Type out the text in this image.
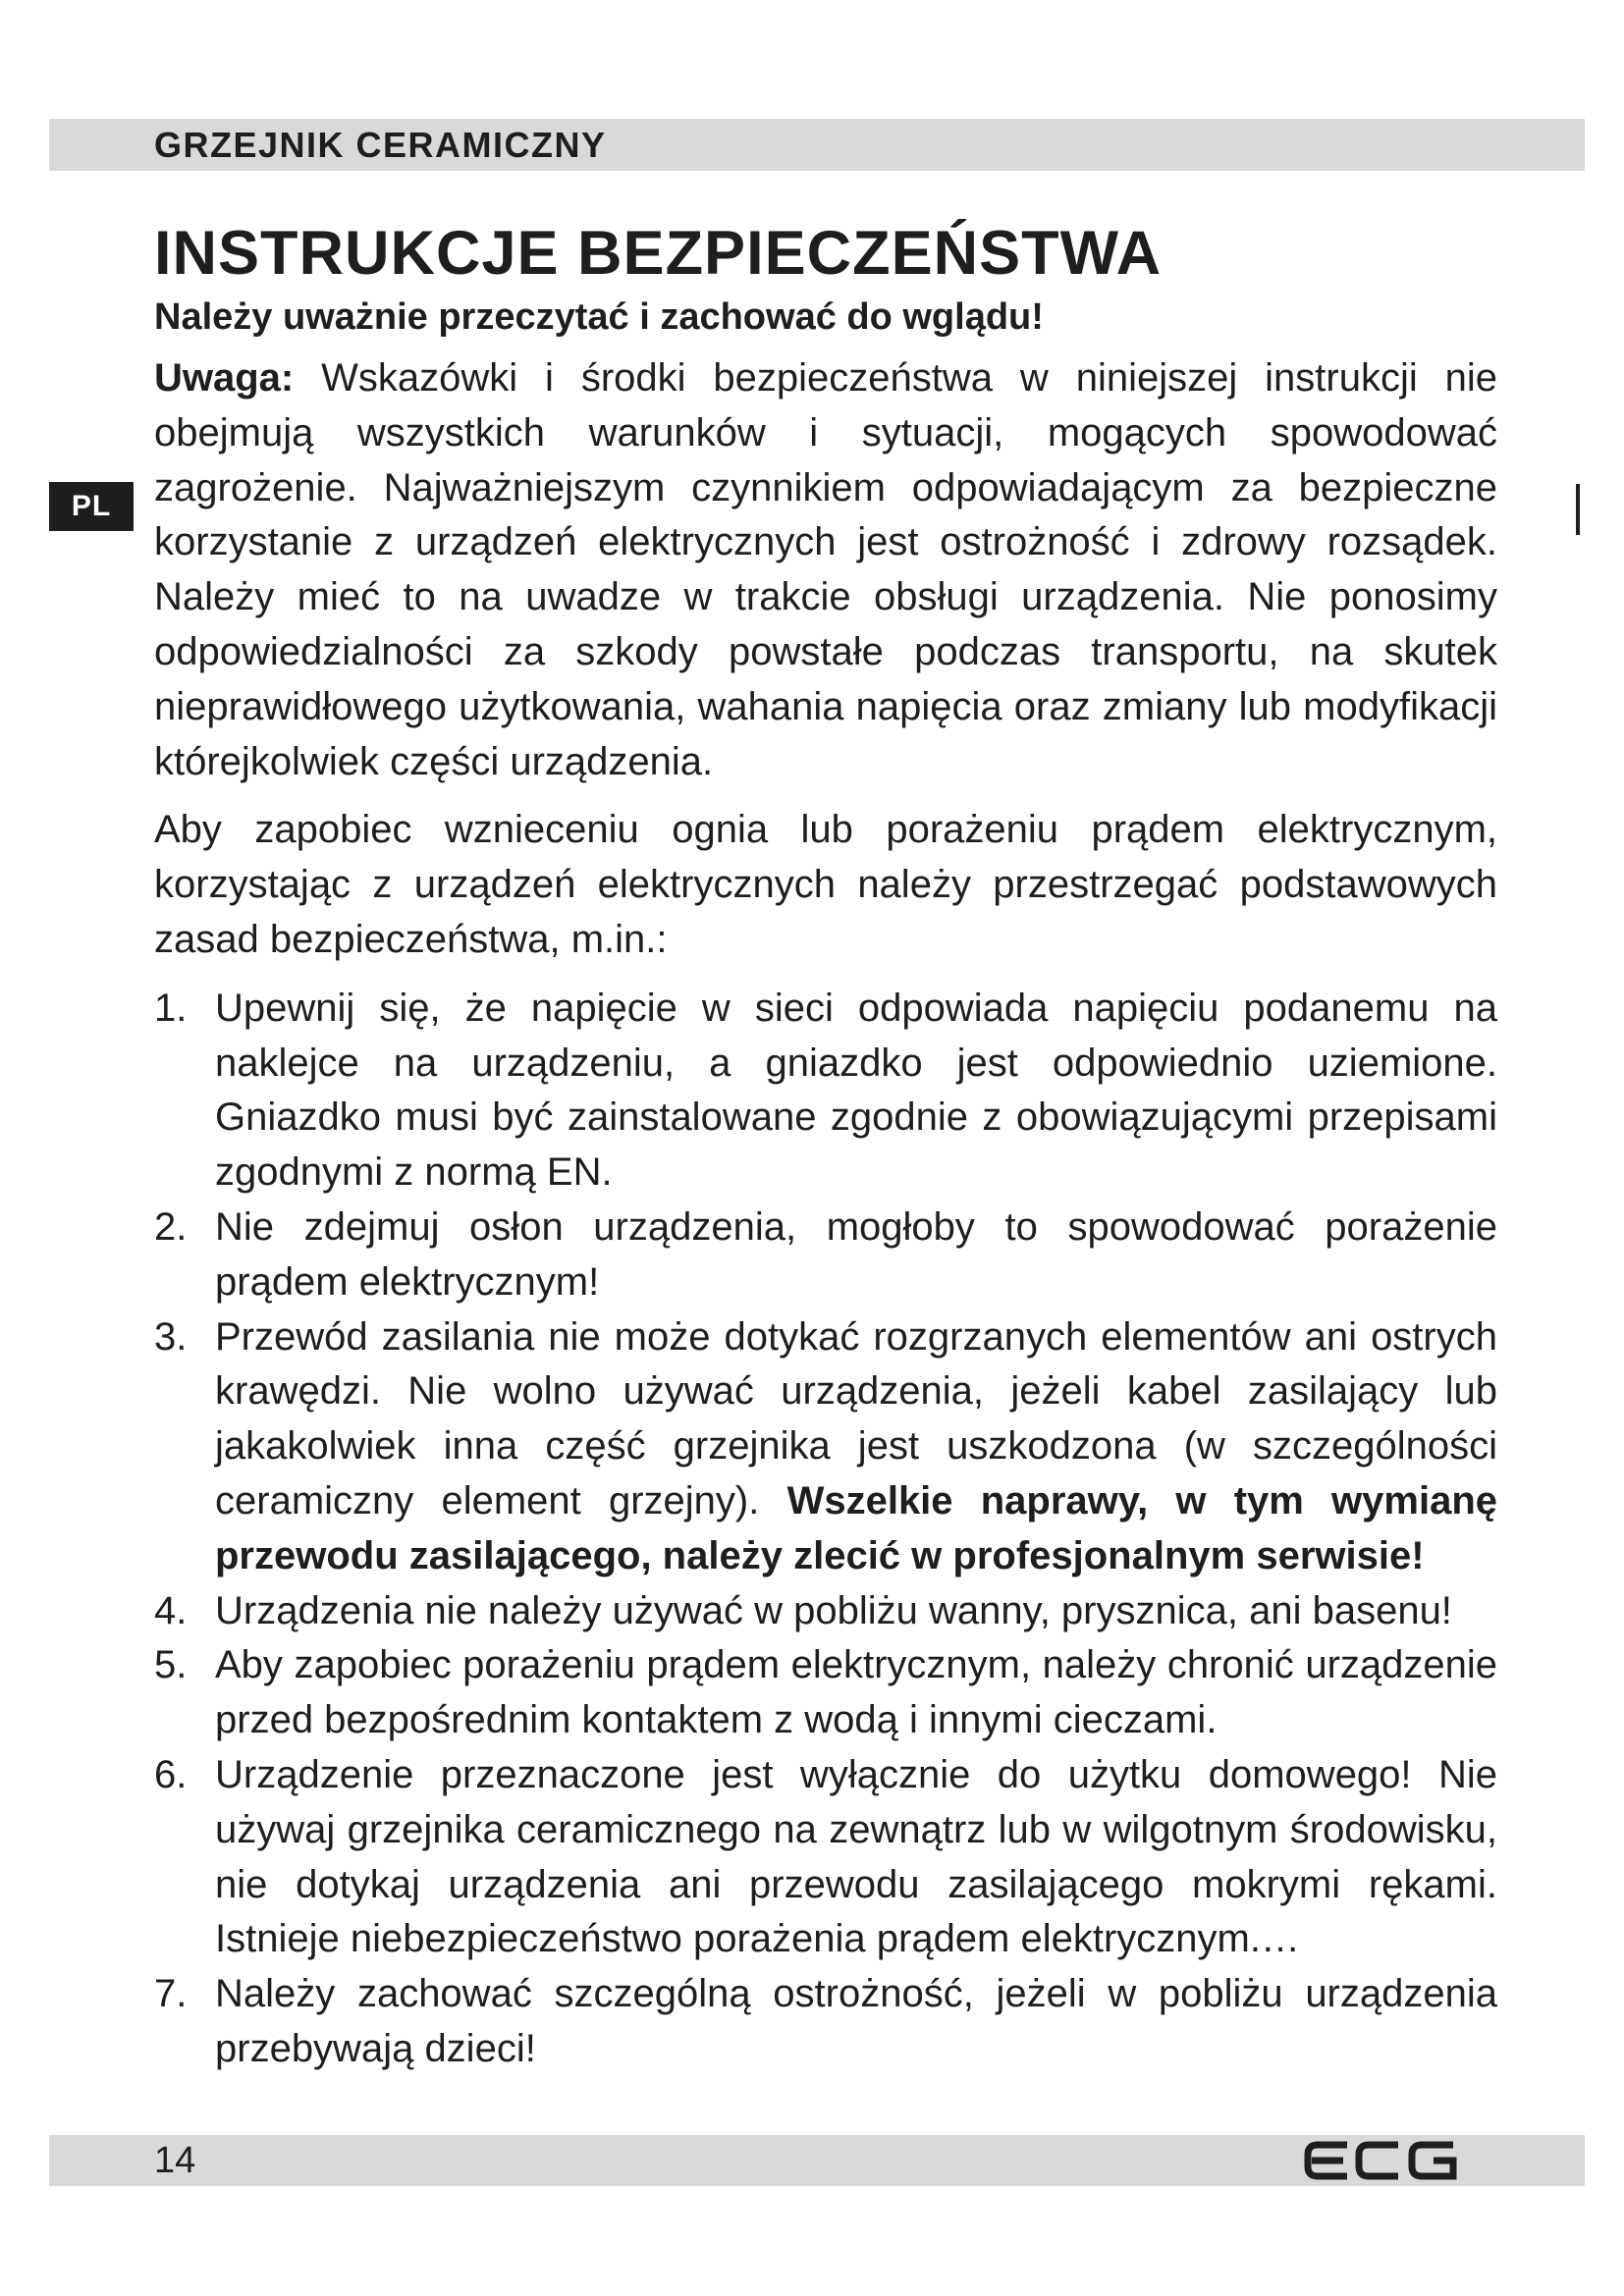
GRZEJNIK CERAMICZNY
PL
INSTRUKCJE BEZPIECZEŃSTWA

Należy uważnie przeczytać i zachować do wglądu!

Uwaga: Wskazówki i środki bezpieczeństwa w niniejszej instrukcji nie obejmują wszystkich warunków i sytuacji, mogących spowodować zagrożenie. Najważniejszym czynnikiem odpowiadającym za bezpieczne korzystanie z urządzeń elektrycznych jest ostrożność i zdrowy rozsądek. Należy mieć to na uwadze w trakcie obsługi urządzenia. Nie ponosimy odpowiedzialności za szkody powstałe podczas transportu, na skutek nieprawidłowego użytkowania, wahania napięcia oraz zmiany lub modyfikacji którejkolwiek części urządzenia.

Aby zapobiec wznieceniu ognia lub porażeniu prądem elektrycznym, korzystając z urządzeń elektrycznych należy przestrzegać podstawowych zasad bezpieczeństwa, m.in.:

1. Upewnij się, że napięcie w sieci odpowiada napięciu podanemu na naklejce na urządzeniu, a gniazdko jest odpowiednio uziemione. Gniazdko musi być zainstalowane zgodnie z obowiązującymi przepisami zgodnymi z normą EN.
2. Nie zdejmuj osłon urządzenia, mogłoby to spowodować porażenie prądem elektrycznym!
3. Przewód zasilania nie może dotykać rozgrzanych elementów ani ostrych krawędzi. Nie wolno używać urządzenia, jeżeli kabel zasilający lub jakakolwiek inna część grzejnika jest uszkodzona (w szczególności ceramiczny element grzejny). Wszelkie naprawy, w tym wymianę przewodu zasilającego, należy zlecić w profesjonalnym serwisie!
4. Urządzenia nie należy używać w pobliżu wanny, prysznica, ani basenu!
5. Aby zapobiec porażeniu prądem elektrycznym, należy chronić urządzenie przed bezpośrednim kontaktem z wodą i innymi cieczami.
6. Urządzenie przeznaczone jest wyłącznie do użytku domowego! Nie używaj grzejnika ceramicznego na zewnątrz lub w wilgotnym środowisku, nie dotykaj urządzenia ani przewodu zasilającego mokrymi rękami. Istnieje niebezpieczeństwo porażenia prądem elektrycznym.…
7. Należy zachować szczególną ostrożność, jeżeli w pobliżu urządzenia przebywają dzieci!
14
